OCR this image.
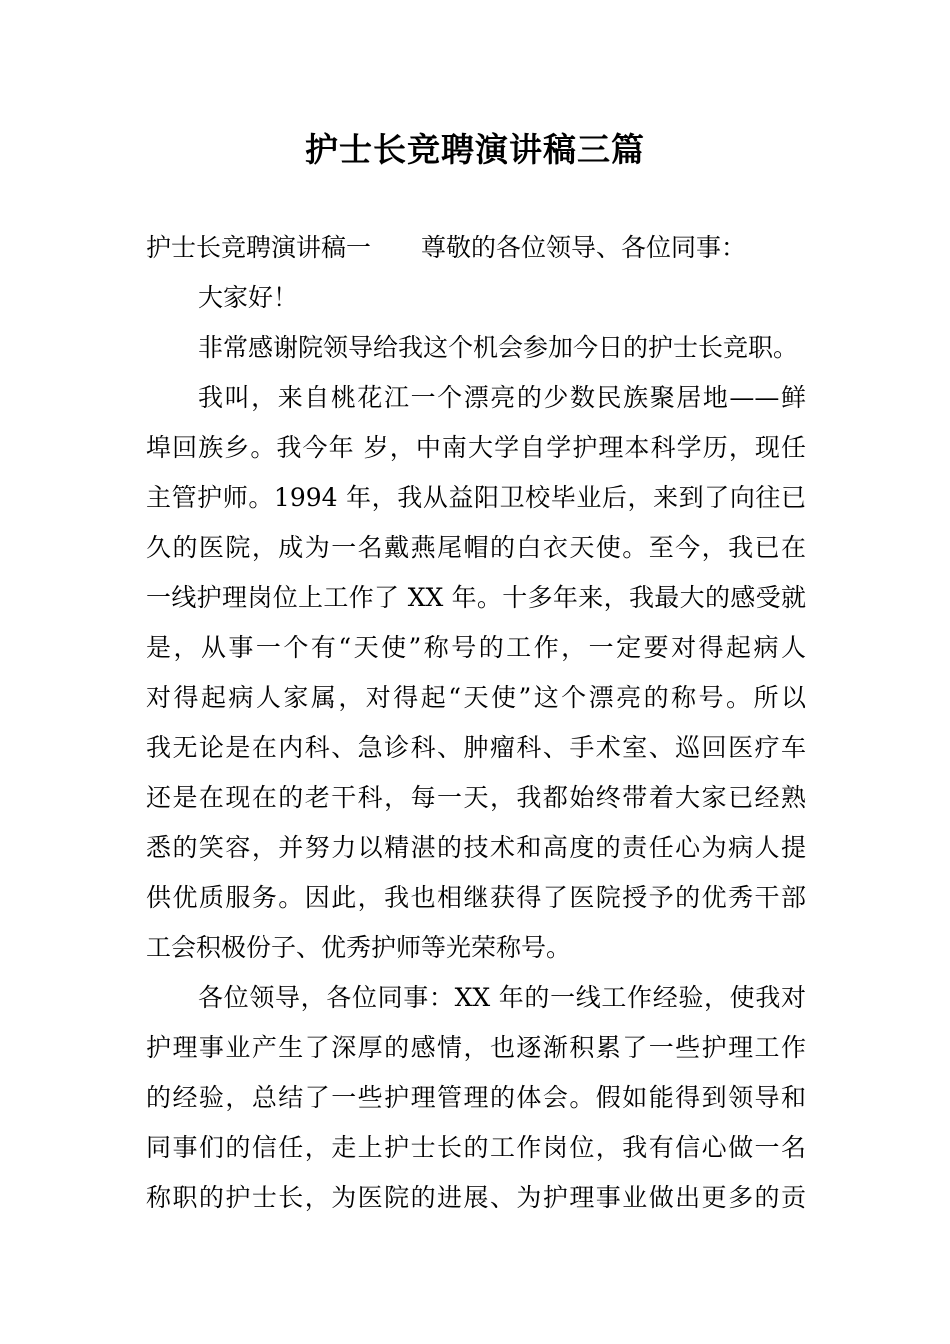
护士长竞聘演讲稿三篇
护士长竞聘演讲稿一 尊敬的各位领导、各位同事：
大家好！
非常感谢院领导给我这个机会参加今日的护士长竞职。
我叫，来自桃花江一个漂亮的少数民族聚居地——鲜
埠回族乡。我今年 岁，中南大学自学护理本科学历，现任
主管护师。1994 年，我从益阳卫校毕业后，来到了向往已
久的医院，成为一名戴燕尾帽的白衣天使。至今，我已在
一线护理岗位上工作了 XX 年。十多年来，我最大的感受就
是，从事一个有“天使”称号的工作，一定要对得起病人
对得起病人家属，对得起“天使”这个漂亮的称号。所以
我无论是在内科、急诊科、肿瘤科、手术室、巡回医疗车
还是在现在的老干科，每一天，我都始终带着大家已经熟
悉的笑容，并努力以精湛的技术和高度的责任心为病人提
供优质服务。因此，我也相继获得了医院授予的优秀干部
工会积极份子、优秀护师等光荣称号。
各位领导，各位同事：XX 年的一线工作经验，使我对
护理事业产生了深厚的感情，也逐渐积累了一些护理工作
的经验，总结了一些护理管理的体会。假如能得到领导和
同事们的信任，走上护士长的工作岗位，我有信心做一名
称职的护士长，为医院的进展、为护理事业做出更多的贡
